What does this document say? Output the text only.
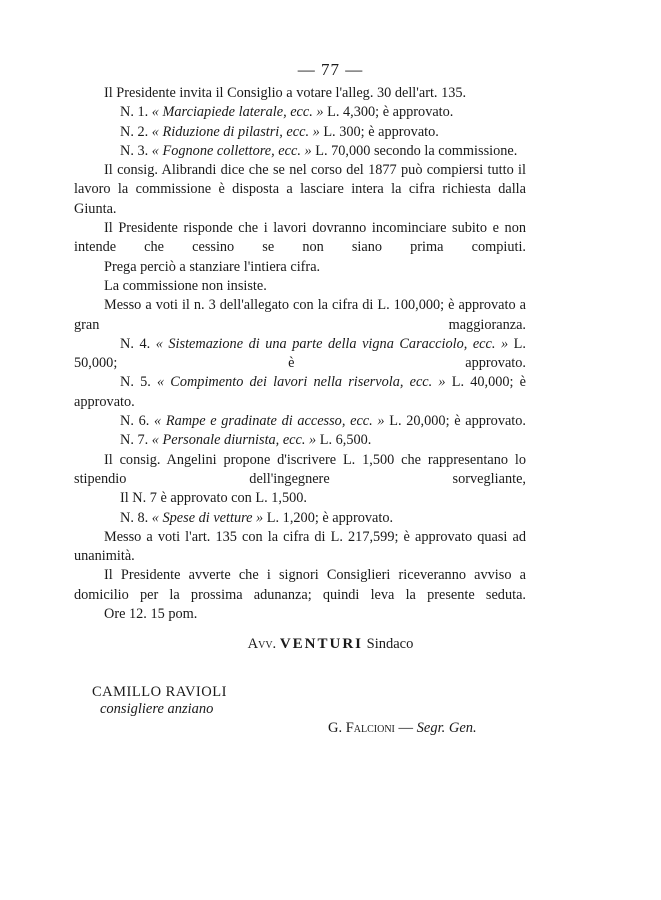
— 77 —

Il Presidente invita il Consiglio a votare l'alleg. 30 dell'art. 135.

N. 1. « Marciapiede laterale, ecc. » L. 4,300; è approvato.

N. 2. « Riduzione di pilastri, ecc. » L. 300; è approvato.

N. 3. « Fognone collettore, ecc. » L. 70,000 secondo la commissione.

Il consig. Alibrandi dice che se nel corso del 1877 può compiersi tutto il lavoro la commissione è disposta a lasciare intera la cifra richiesta dalla Giunta.

Il Presidente risponde che i lavori dovranno incominciare subito e non intende che cessino se non siano prima compiuti.

Prega perciò a stanziare l'intiera cifra.

La commissione non insiste.

Messo a voti il n. 3 dell'allegato con la cifra di L. 100,000; è approvato a gran maggioranza.

N. 4. « Sistemazione di una parte della vigna Caracciolo, ecc. » L. 50,000; è approvato.

N. 5. « Compimento dei lavori nella riservola, ecc. » L. 40,000; è approvato.

N. 6. « Rampe e gradinate di accesso, ecc. » L. 20,000; è approvato.

N. 7. « Personale diurnista, ecc. » L. 6,500.

Il consig. Angelini propone d'iscrivere L. 1,500 che rappresentano lo stipendio dell'ingegnere sorvegliante,

Il N. 7 è approvato con L. 1,500.

N. 8. « Spese di vetture » L. 1,200; è approvato.

Messo a voti l'art. 135 con la cifra di L. 217,599; è approvato quasi ad unanimità.

Il Presidente avverte che i signori Consiglieri riceveranno avviso a domicilio per la prossima adunanza; quindi leva la presente seduta.

Ore 12. 15 pom.

Avv. VENTURI Sindaco
CAMILLO RAVIOLI
consigliere anziano
G. Falcioni — Segr. Gen.
